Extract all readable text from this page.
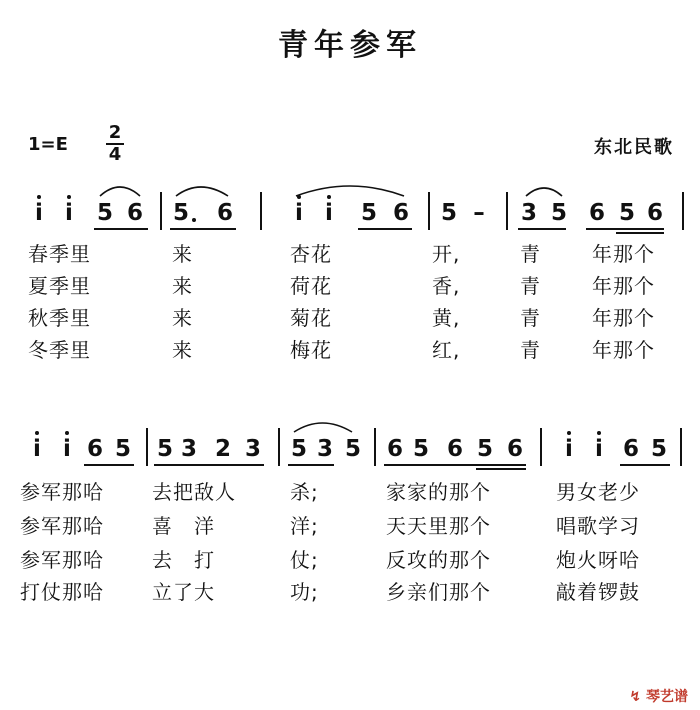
青年参军
1=E
2
4	东北民歌
i i 5 6 5 6	i i 5 6 5 – 3 5 6 5 6
春季里	来	杏花	开,	青	年那个
夏季里	来	荷花	香,	青	年那个
秋季里	来	菊花	黄,	青	年那个
冬季里	来	梅花	红,	青	年那个
i i 6 5 5 3 2 3 5 3 5 6 5 6 5 6 i i 6 5
参军那哈 去把敌人	杀;	家家的那个	男女老少
参军那哈 喜　洋	洋;	天天里那个	唱歌学习
参军那哈 去　打	仗;	反攻的那个	炮火呀哈
打仗那哈 立了大	功;	乡亲们那个	敲着锣鼓
↯ 琴艺谱
